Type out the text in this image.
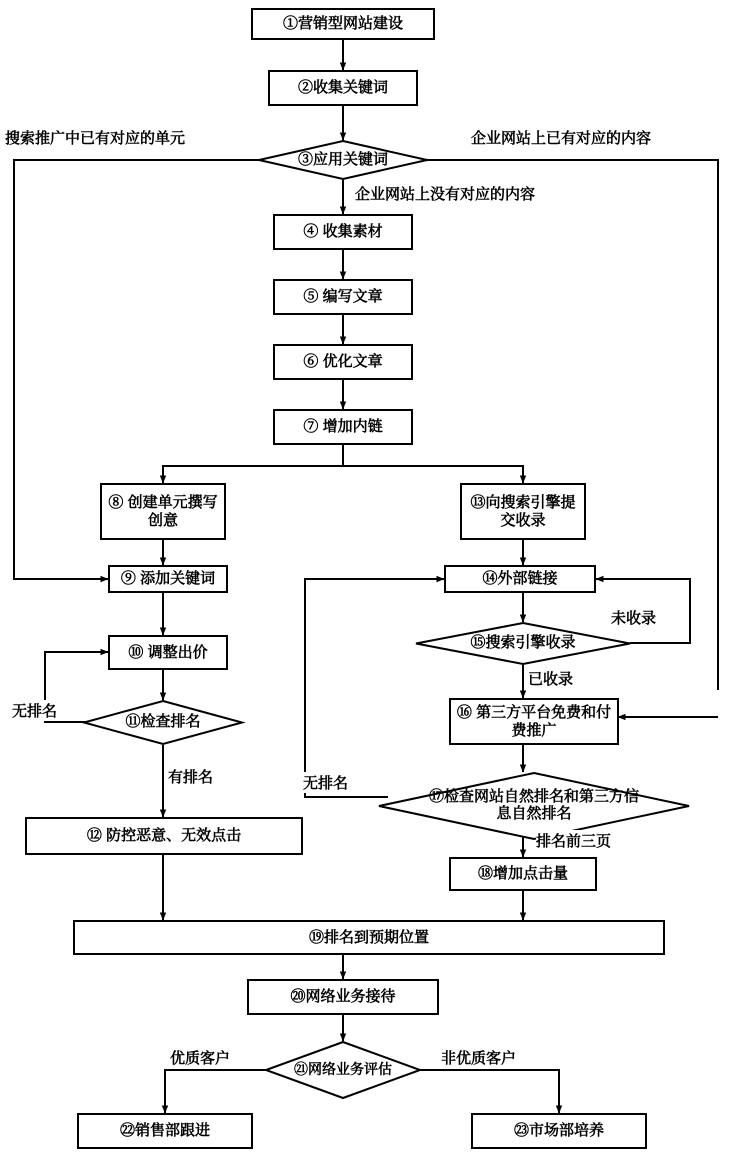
①营销型网站建设
②收集关键词
③应用关键词
④ 收集素材
⑤ 编写文章
⑥ 优化文章
⑦ 增加内链
⑧ 创建单元撰写创意
⑨ 添加关键词
⑩ 调整出价
⑪检查排名
⑫ 防控恶意、无效点击
⑬向搜索引擎提交收录
⑭外部链接
⑮搜索引擎收录
⑯ 第三方平台免费和付费推广
⑰检查网站自然排名和第三方信息自然排名
⑱增加点击量
⑲排名到预期位置
⑳网络业务接待
㉑网络业务评估
㉒销售部跟进	㉓市场部培养
搜索推广中已有对应的单元	企业网站上已有对应的内容
企业网站上没有对应的内容
无排名
有排名
未收录
已收录
无排名
排名前三页
优质客户	非优质客户
